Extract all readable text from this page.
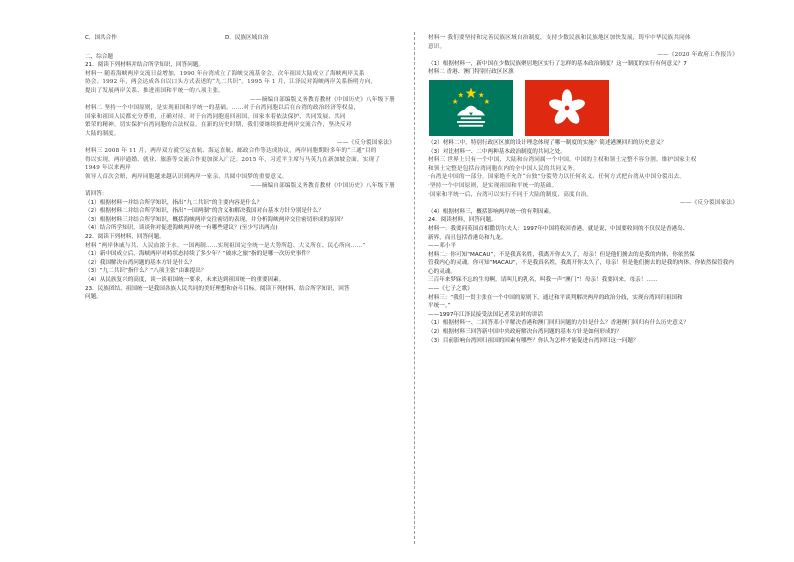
C．国共合作	D．民族区域自治

二、综合题

21．阅读下列材料并结合所学知识，回答问题。

材料一 随着海峡两岸交流日益增加，1990 年台湾成立了海峡交流基金会，次年祖国大陆成立了海峡两岸关系

协会。1992 年，两会达成各自以口头方式表述的“九二共识”。1995 年 1 月，江泽民对海峡两岸关系指明方向，

提出了发展两岸关系、推进祖国和平统一的八项主张。

——摘编自部编版义务教育教材《中国历史》八年级下册

材料二 坚持一个中国原则，是实现祖国和平统一的基础。……对于台湾同胞以后在台湾的政治经济等权益，

国家和祖国人民都充分尊重，正确对待。对于台湾同胞返回祖国，国家本着依法保护、共同发展、共同

繁荣的精神，切实保护台湾同胞的合法权益。在新的历史时期，我们要继续推进两岸交流合作，坚决反对

大陆的制度。

——《反分裂国家法》

材料三 2008 年 11 月，两岸双方就空运直航、海运直航、邮政合作等达成协议，两岸同胞期盼多年的“三通”目的

得以实现。两岸通婚、就业、旅游等交流合作更加深入广泛。2015 年，习近平主席与马英九在新加坡会面，实现了 1949 年以来两岸

领导人首次会晤，两岸同胞越来越认识到两岸一家亲、共圆中国梦的重要意义。

——摘编自部编版义务教育教材《中国历史》八年级下册

请回答：

（1）根据材料一并结合所学知识，指出“九二共识”的主要内容是什么？

（2）根据材料二并结合所学知识，指出“一国两制”的含义和解决我国对台基本方针分别是什么？

（3）根据材料三并结合所学知识，概括海峡两岸交往密切的表现，并分析海峡两岸交往密切形成的原因？

（4）结合所学知识，谈谈你对促进海峡两岸统一有哪些建议？(至少写出两点)

22．阅读下列材料，回答问题。

材料 “两岸休戚与共、人民血浓于水。一国两制……实现祖国完全统一是大势所趋、大义所在、民心所向……”

（1）新中国成立后，海峡两岸对峙状态持续了多少年？“破冰之旅”指的是哪一次历史事件？

（2）我国解决台湾问题的基本方针是什么？

（3）“九二共识”指什么？“八项主张”由谁提出？

（4）从民族复兴的高度，谈一谈祖国统一要求，未来达到祖国统一的重要因素。

23．民族团结、祖国统一是我国各族人民共同的美好理想和奋斗目标。阅读下列材料，结合所学知识，回答

问题。

材料一 我们要坚持和完善民族区域自治制度，支持少数民族和民族地区加快发展，铸牢中华民族共同体

意识。

——《2020 年政府工作报告》

（1）根据材料一，新中国在少数民族聚居地区实行了怎样的基本政治制度？这一制度的实行有何意义？7

材料二 香港、澳门特别行政区区旗

（2）材料二中，特别行政区区旗的设计理念体现了哪一制度的实施？简述港澳回归的历史意义？

（3）对比材料一、二中两种基本政治制度的共同之处。

材料三 世界上只有一个中国，大陆和台湾同属一个中国，中国的主权和领土完整不容分割。维护国家主权

和领土完整是包括台湾同胞在内的全中国人民的共同义务。

·台湾是中国的一部分。国家绝不允许“台独”分裂势力以任何名义、任何方式把台湾从中国分裂出去。

·坚持一个中国原则，是实现祖国和平统一的基础。

·国家和平统一后，台湾可以实行不同于大陆的制度，高度自治。

——《反分裂国家法》

（4）根据材料三，概括影响两岸统一的有利因素。

24．阅读材料，回答问题。

材料一：我要问英国首相撒切尔夫人：1997年中国将收回香港，就是说，中国要收回的不仅仅是香港岛、

新界，而且包括香港岛和九龙。

——邓小平

材料二：你可知“MACAU”，不是我真名姓，我离开你太久了，母亲！但是他们掳去的是我的肉体，你依然保

管我内心的灵魂。你可知“MACAU”，不是我真名姓，我离开你太久了，母亲！但是他们掳去的是我的肉体，你依然保管我内心的灵魂。

三百年来梦寐不忘的生母啊，请叫儿的乳名，叫我一声“澳门”！母亲！我要回来，母亲！……

——《七子之歌》

材料三：“我们一贯主张在一个中国的原则下，通过和平谈判解决两岸的政治分歧，实现台湾回归祖国和

平统一。”

——1997年江泽民接受法国记者采访时的讲话

（1）根据材料一、二回答邓小平解决香港和澳门回归问题的方针是什么？香港澳门回归有什么历史意义？

（2）根据材料三回答新中国中央政府解决台湾问题的基本方针是如何形成的？

（3）目前影响台湾回归祖国的因素有哪些？你认为怎样才能促进台湾回归这一问题？
